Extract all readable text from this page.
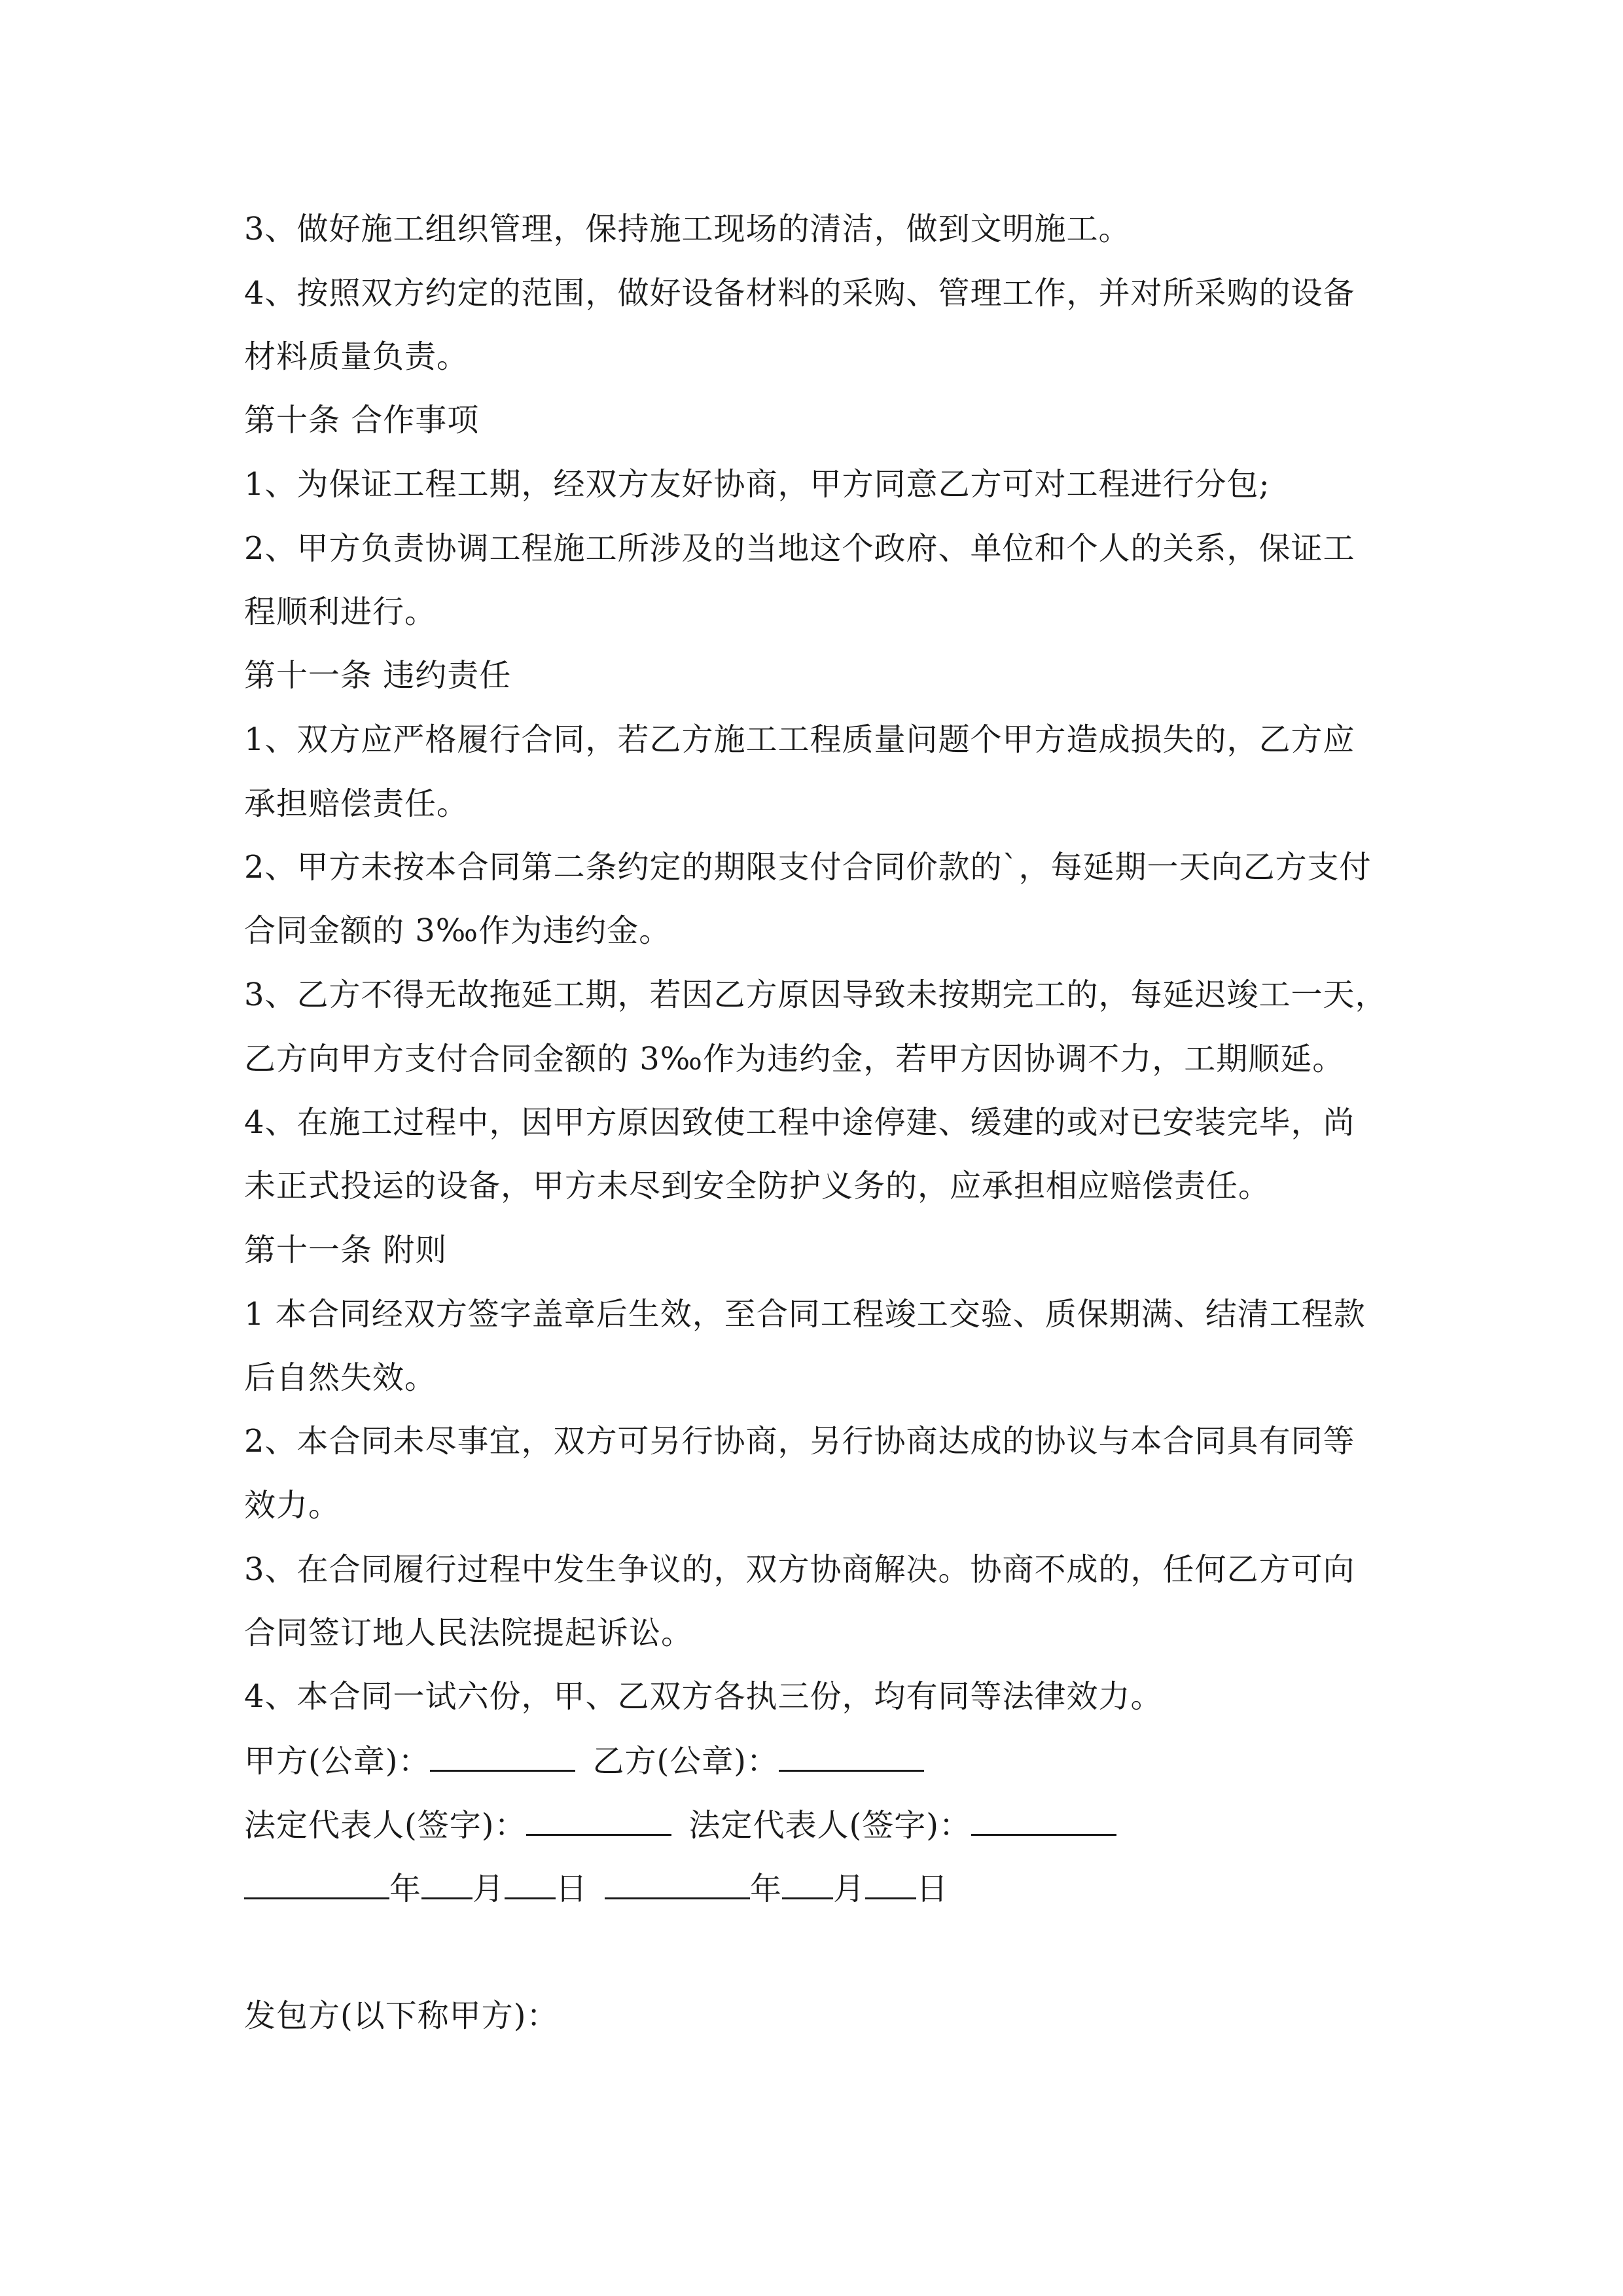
3、做好施工组织管理，保持施工现场的清洁，做到文明施工。
4、按照双方约定的范围，做好设备材料的采购、管理工作，并对所采购的设备
材料质量负责。
第十条 合作事项
1、为保证工程工期，经双方友好协商，甲方同意乙方可对工程进行分包;
2、甲方负责协调工程施工所涉及的当地这个政府、单位和个人的关系，保证工
程顺利进行。
第十一条 违约责任
1、双方应严格履行合同，若乙方施工工程质量问题个甲方造成损失的，乙方应
承担赔偿责任。
2、甲方未按本合同第二条约定的期限支付合同价款的`，每延期一天向乙方支付
合同金额的 3‰作为违约金。
3、乙方不得无故拖延工期，若因乙方原因导致未按期完工的，每延迟竣工一天，
乙方向甲方支付合同金额的 3‰作为违约金，若甲方因协调不力，工期顺延。
4、在施工过程中，因甲方原因致使工程中途停建、缓建的或对已安装完毕，尚
未正式投运的设备，甲方未尽到安全防护义务的，应承担相应赔偿责任。
第十一条 附则
1 本合同经双方签字盖章后生效，至合同工程竣工交验、质保期满、结清工程款
后自然失效。
2、本合同未尽事宜，双方可另行协商，另行协商达成的协议与本合同具有同等
效力。
3、在合同履行过程中发生争议的，双方协商解决。协商不成的，任何乙方可向
合同签订地人民法院提起诉讼。
4、本合同一试六份，甲、乙双方各执三份，均有同等法律效力。
甲方(公章)：	乙方(公章)：
法定代表人(签字)：	法定代表人(签字)：
年 月 日	年 月 日
发包方(以下称甲方)：
